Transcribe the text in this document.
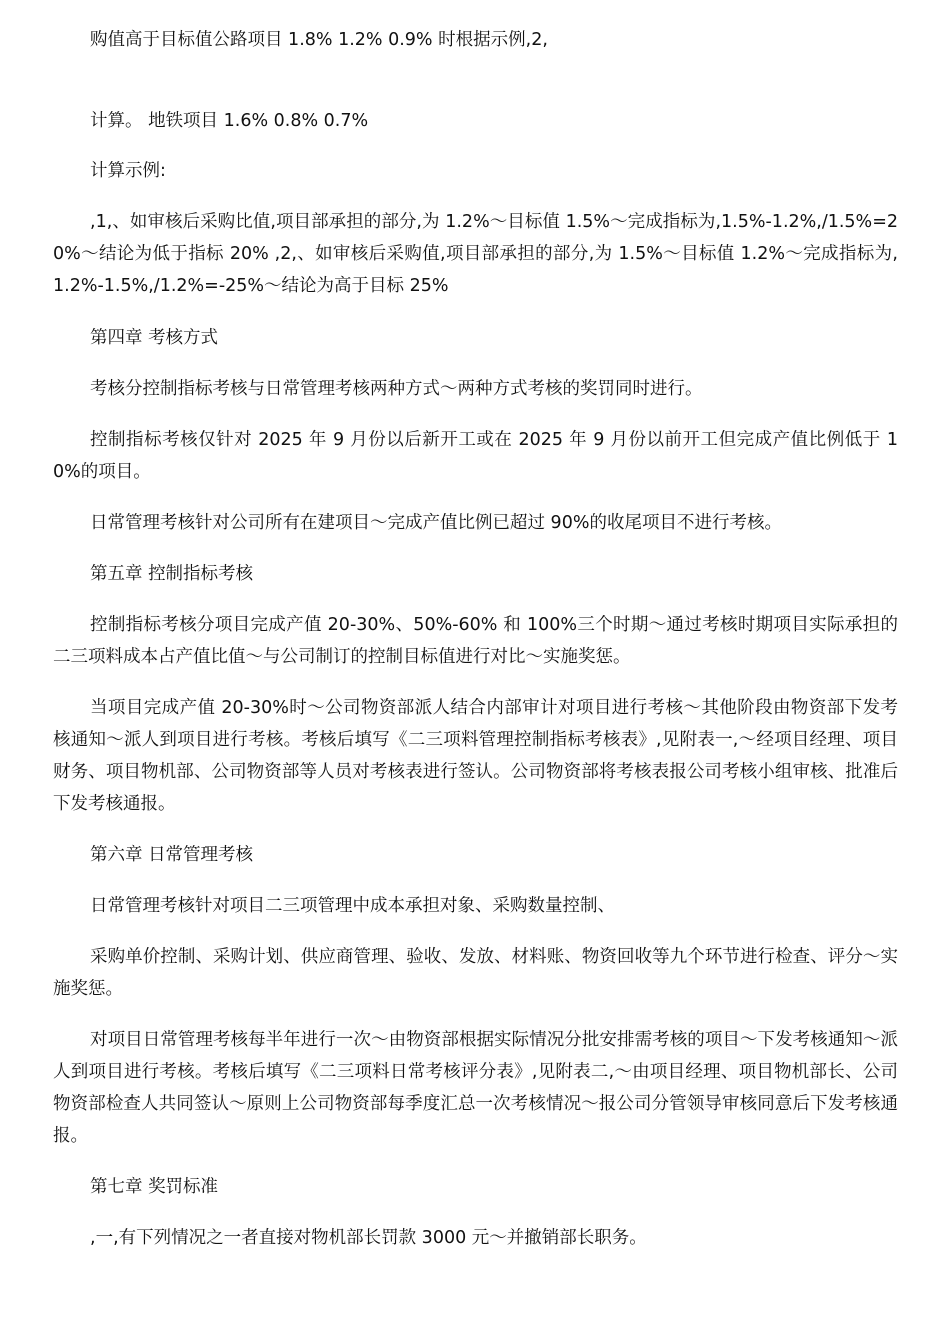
购值高于目标值公路项目 1.8% 1.2% 0.9% 时根据示例,2,

计算。 地铁项目 1.6% 0.8% 0.7%

计算示例:

,1,、如审核后采购比值,项目部承担的部分,为 1.2%～目标值 1.5%～完成指标为,1.5%-1.2%,/1.5%=20%～结论为低于指标 20% ,2,、如审核后采购值,项目部承担的部分,为 1.5%～目标值 1.2%～完成指标为,1.2%-1.5%,/1.2%=-25%～结论为高于目标 25%

第四章 考核方式

考核分控制指标考核与日常管理考核两种方式～两种方式考核的奖罚同时进行。

控制指标考核仅针对 2025 年 9 月份以后新开工或在 2025 年 9 月份以前开工但完成产值比例低于 10%的项目。

日常管理考核针对公司所有在建项目～完成产值比例已超过 90%的收尾项目不进行考核。

第五章 控制指标考核

控制指标考核分项目完成产值 20-30%、50%-60% 和 100%三个时期～通过考核时期项目实际承担的二三项料成本占产值比值～与公司制订的控制目标值进行对比～实施奖惩。

当项目完成产值 20-30%时～公司物资部派人结合内部审计对项目进行考核～其他阶段由物资部下发考核通知～派人到项目进行考核。考核后填写《二三项料管理控制指标考核表》,见附表一,～经项目经理、项目财务、项目物机部、公司物资部等人员对考核表进行签认。公司物资部将考核表报公司考核小组审核、批准后下发考核通报。

第六章 日常管理考核

日常管理考核针对项目二三项管理中成本承担对象、采购数量控制、

采购单价控制、采购计划、供应商管理、验收、发放、材料账、物资回收等九个环节进行检查、评分～实施奖惩。

对项目日常管理考核每半年进行一次～由物资部根据实际情况分批安排需考核的项目～下发考核通知～派人到项目进行考核。考核后填写《二三项料日常考核评分表》,见附表二,～由项目经理、项目物机部长、公司物资部检查人共同签认～原则上公司物资部每季度汇总一次考核情况～报公司分管领导审核同意后下发考核通报。

第七章 奖罚标准

,一,有下列情况之一者直接对物机部长罚款 3000 元～并撤销部长职务。
